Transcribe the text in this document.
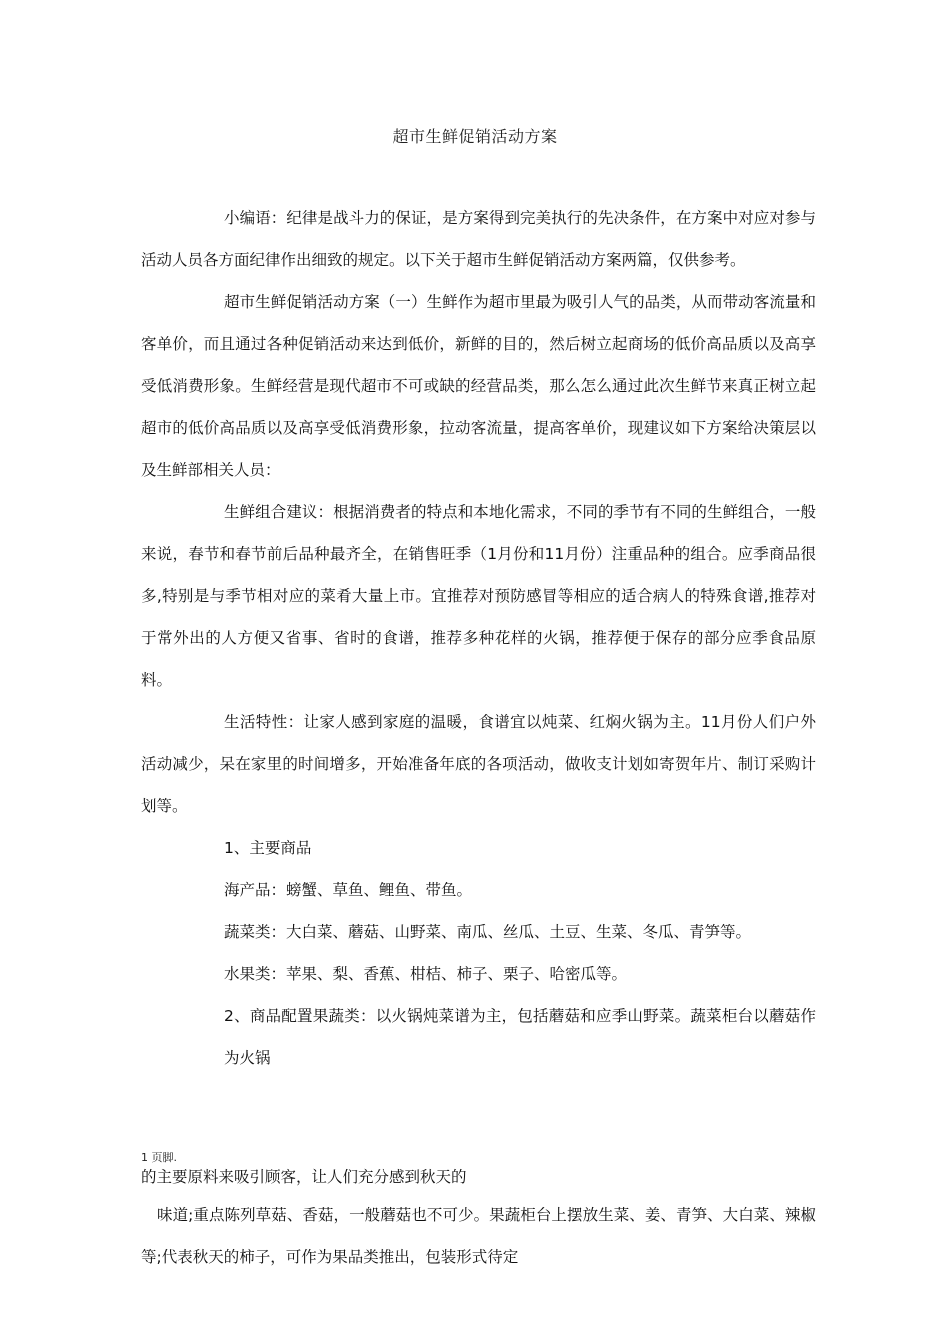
超市生鲜促销活动方案

小编语：纪律是战斗力的保证，是方案得到完美执行的先决条件，在方案中对应对参与活动人员各方面纪律作出细致的规定。以下关于超市生鲜促销活动方案两篇，仅供参考。

超市生鲜促销活动方案（一）生鲜作为超市里最为吸引人气的品类，从而带动客流量和客单价，而且通过各种促销活动来达到低价，新鲜的目的，然后树立起商场的低价高品质以及高享受低消费形象。生鲜经营是现代超市不可或缺的经营品类，那么怎么通过此次生鲜节来真正树立起超市的低价高品质以及高享受低消费形象，拉动客流量，提高客单价，现建议如下方案给决策层以及生鲜部相关人员：

生鲜组合建议：根据消费者的特点和本地化需求，不同的季节有不同的生鲜组合，一般来说，春节和春节前后品种最齐全，在销售旺季（1月份和11月份）注重品种的组合。应季商品很多,特别是与季节相对应的菜肴大量上市。宜推荐对预防感冒等相应的适合病人的特殊食谱,推荐对于常外出的人方便又省事、省时的食谱，推荐多种花样的火锅，推荐便于保存的部分应季食品原料。

生活特性：让家人感到家庭的温暖，食谱宜以炖菜、红焖火锅为主。11月份人们户外活动减少，呆在家里的时间增多，开始准备年底的各项活动，做收支计划如寄贺年片、制订采购计划等。

1、主要商品

海产品：螃蟹、草鱼、鲤鱼、带鱼。

蔬菜类：大白菜、蘑菇、山野菜、南瓜、丝瓜、土豆、生菜、冬瓜、青笋等。

水果类：苹果、梨、香蕉、柑桔、柿子、栗子、哈密瓜等。

2、商品配置果蔬类：以火锅炖菜谱为主，包括蘑菇和应季山野菜。蔬菜柜台以蘑菇作为火锅

1 页脚.
的主要原料来吸引顾客，让人们充分感到秋天的

味道;重点陈列草菇、香菇，一般蘑菇也不可少。果蔬柜台上摆放生菜、姜、青笋、大白菜、辣椒等;代表秋天的柿子，可作为果品类推出，包装形式待定
